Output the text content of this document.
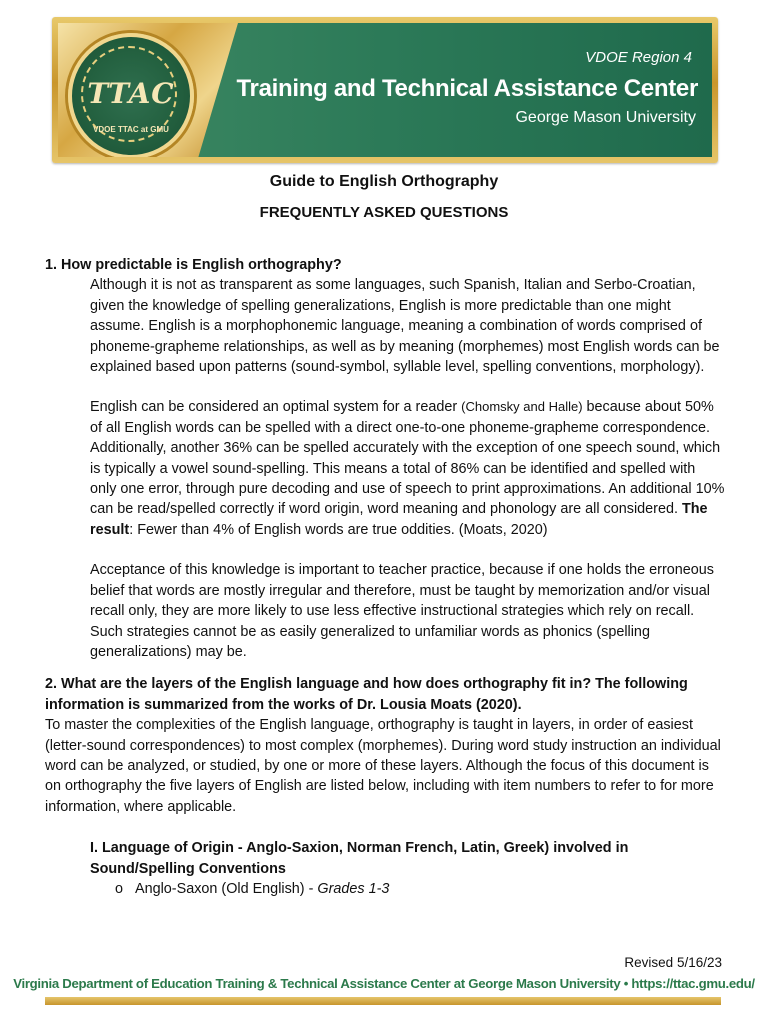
TTAC
VDOE TTAC at GMU
VDOE Region 4
Training and Technical Assistance Center
George Mason University
Guide to English Orthography
FREQUENTLY ASKED QUESTIONS
1. How predictable is English orthography?

Although it is not as transparent as some languages, such Spanish, Italian and Serbo-Croatian, given the knowledge of spelling generalizations, English is more predictable than one might assume. English is a morphophonemic language, meaning a combination of words comprised of phoneme-grapheme relationships, as well as by meaning (morphemes) most English words can be explained based upon patterns (sound-symbol, syllable level, spelling conventions, morphology).

English can be considered an optimal system for a reader (Chomsky and Halle) because about 50% of all English words can be spelled with a direct one-to-one phoneme-grapheme correspondence. Additionally, another 36% can be spelled accurately with the exception of one speech sound, which is typically a vowel sound-spelling. This means a total of 86% can be identified and spelled with only one error, through pure decoding and use of speech to print approximations. An additional 10% can be read/spelled correctly if word origin, word meaning and phonology are all considered. The result: Fewer than 4% of English words are true oddities. (Moats, 2020)

Acceptance of this knowledge is important to teacher practice, because if one holds the erroneous belief that words are mostly irregular and therefore, must be taught by memorization and/or visual recall only, they are more likely to use less effective instructional strategies which rely on recall. Such strategies cannot be as easily generalized to unfamiliar words as phonics (spelling generalizations) may be.

2. What are the layers of the English language and how does orthography fit in? The following information is summarized from the works of Dr. Lousia Moats (2020).

To master the complexities of the English language, orthography is taught in layers, in order of easiest (letter-sound correspondences) to most complex (morphemes). During word study instruction an individual word can be analyzed, or studied, by one or more of these layers. Although the focus of this document is on orthography the five layers of English are listed below, including with item numbers to refer to for more information, where applicable.

I. Language of Origin - Anglo-Saxion, Norman French, Latin, Greek) involved in Sound/Spelling Conventions
o Anglo-Saxon (Old English) - Grades 1-3
Revised 5/16/23
Virginia Department of Education Training & Technical Assistance Center at George Mason University • https://ttac.gmu.edu/
